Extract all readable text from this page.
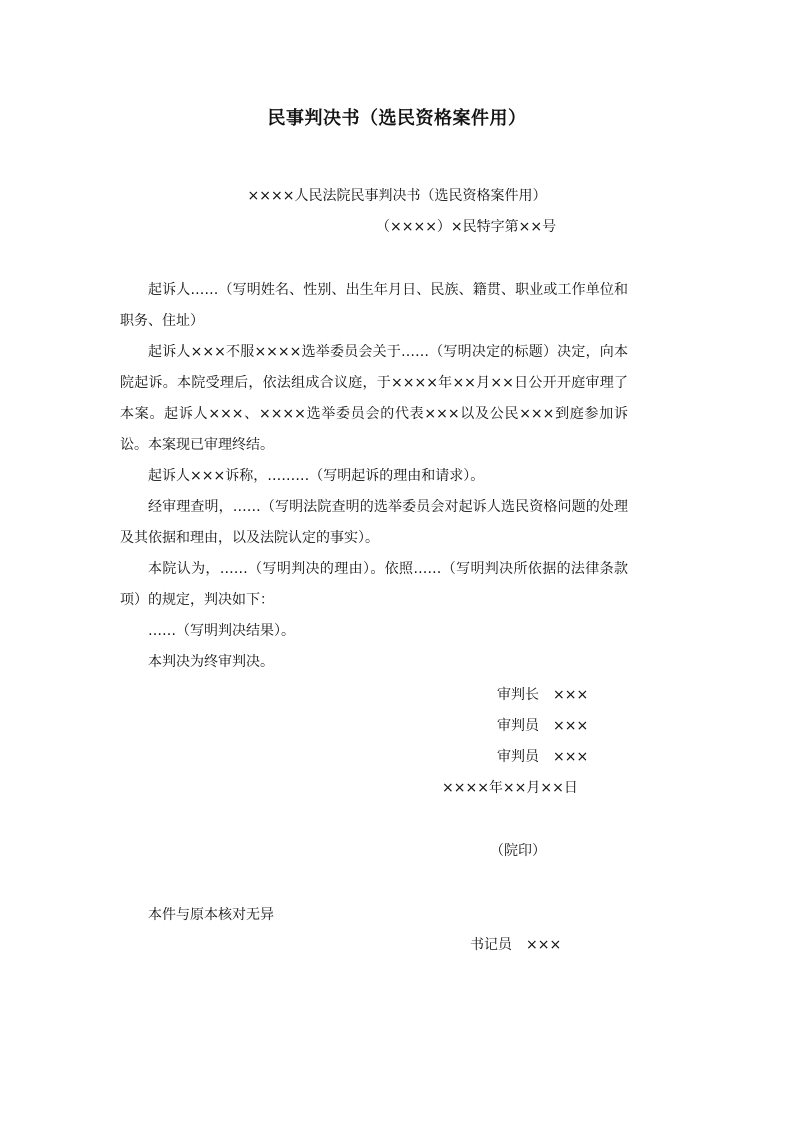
民事判决书（选民资格案件用）
××××人民法院民事判决书（选民资格案件用）
（××××）×民特字第××号

起诉人……（写明姓名、性别、出生年月日、民族、籍贯、职业或工作单位和职务、住址）

起诉人×××不服××××选举委员会关于……（写明决定的标题）决定，向本院起诉。本院受理后，依法组成合议庭，于××××年××月××日公开开庭审理了本案。起诉人×××、××××选举委员会的代表×××以及公民×××到庭参加诉讼。本案现已审理终结。

起诉人×××诉称，………（写明起诉的理由和请求）。

经审理查明，……（写明法院查明的选举委员会对起诉人选民资格问题的处理及其依据和理由，以及法院认定的事实）。

本院认为，……（写明判决的理由）。依照……（写明判决所依据的法律条款项）的规定，判决如下：

……（写明判决结果）。

本判决为终审判决。

审判长 ×××
审判员 ×××
审判员 ×××
××××年××月××日
（院印）
本件与原本核对无异
书记员 ×××
